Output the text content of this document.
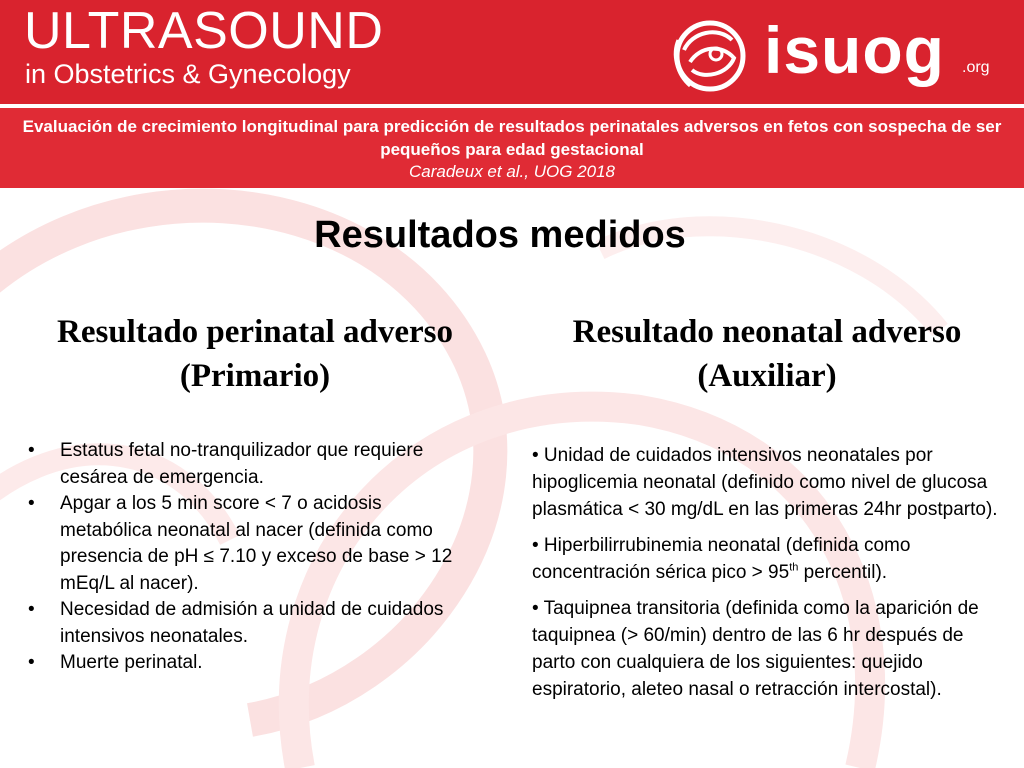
ULTRASOUND
in Obstetrics & Gynecology	isuog .org
Evaluación de crecimiento longitudinal para predicción de resultados perinatales adversos en fetos con sospecha de ser pequeños para edad gestacional
Caradeux et al., UOG 2018
Resultados medidos
Resultado perinatal adverso
(Primario)
Resultado neonatal adverso
(Auxiliar)
• Estatus fetal no-tranquilizador que requiere cesárea de emergencia.
• Apgar a los 5 min score < 7 o acidosis metabólica neonatal al nacer (definida como presencia de pH ≤ 7.10 y exceso de base > 12 mEq/L al nacer).
• Necesidad de admisión a unidad de cuidados intensivos neonatales.
• Muerte perinatal.
• Unidad de cuidados intensivos neonatales por hipoglicemia neonatal (definido como nivel de glucosa plasmática < 30 mg/dL en las primeras 24hr postparto).
• Hiperbilirrubinemia neonatal (definida como concentración sérica pico > 95th percentil).
• Taquipnea transitoria (definida como la aparición de taquipnea (> 60/min) dentro de las 6 hr después de parto con cualquiera de los siguientes: quejido espiratorio, aleteo nasal o retracción intercostal).
